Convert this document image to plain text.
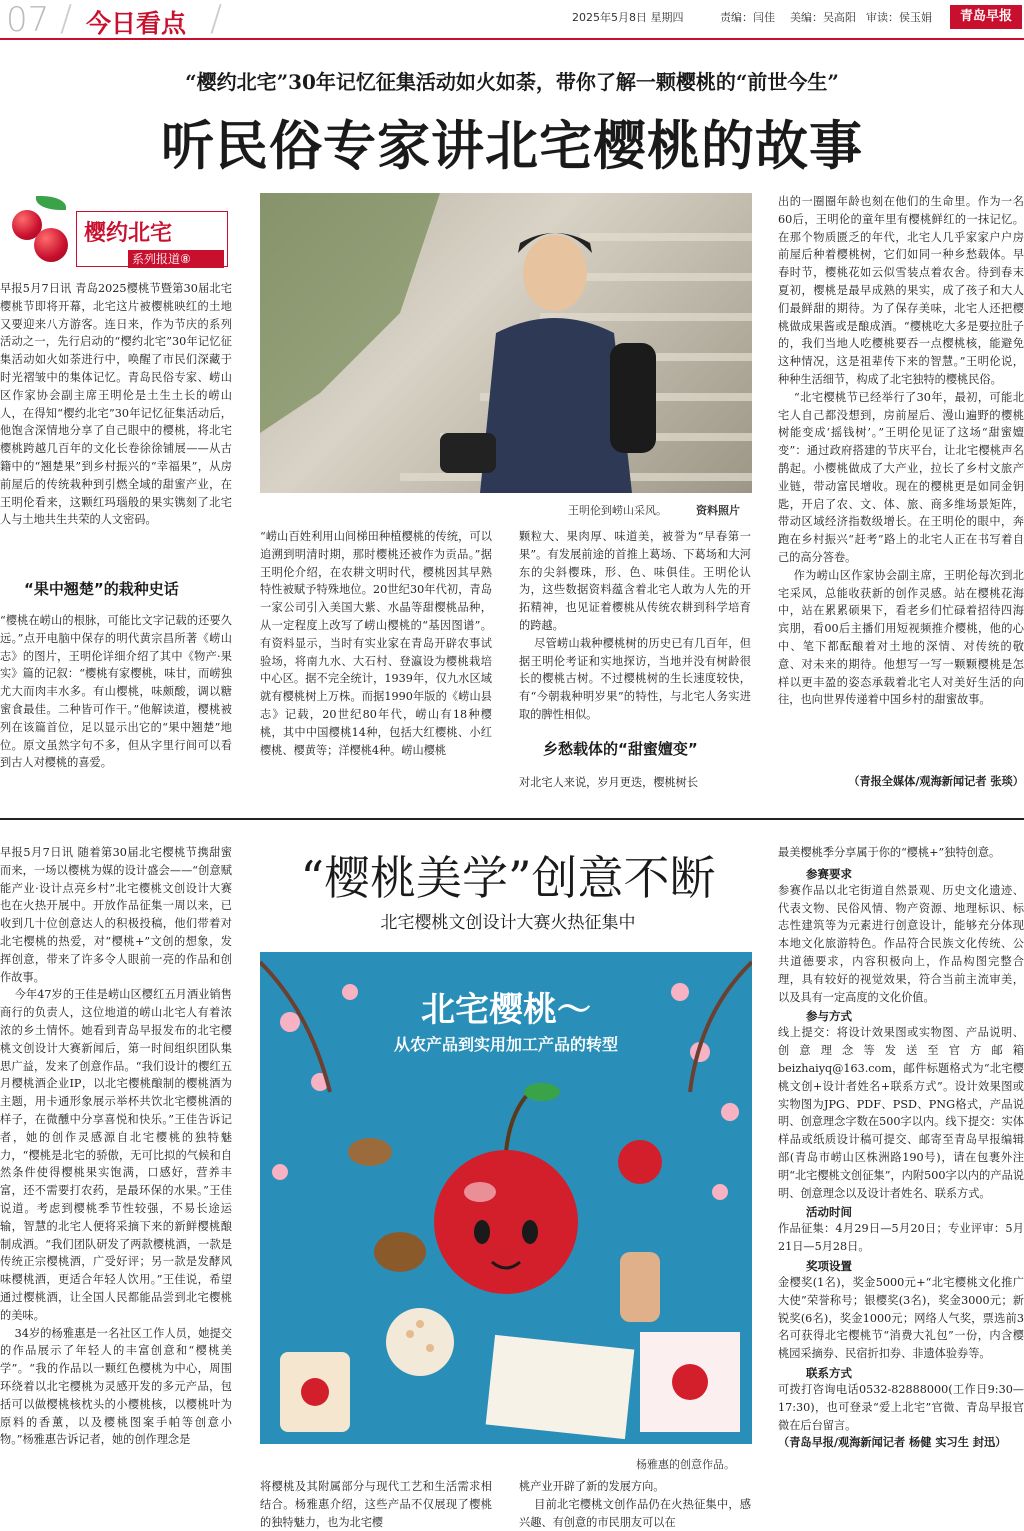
07 / 今日看点 /	2025年5月8日 星期四	责编：闫佳 美编：吴高阳 审读：侯玉娟	青岛早报
“樱约北宅”30年记忆征集活动如火如荼，带你了解一颗樱桃的“前世今生”
听民俗专家讲北宅樱桃的故事
樱约北宅
系列报道⑧
早报5月7日讯 青岛2025樱桃节暨第30届北宅樱桃节即将开幕，北宅这片被樱桃映红的土地又要迎来八方游客。连日来，作为节庆的系列活动之一，先行启动的“樱约北宅”30年记忆征集活动如火如荼进行中，唤醒了市民们深藏于时光褶皱中的集体记忆。青岛民俗专家、崂山区作家协会副主席王明伦是土生土长的崂山人，在得知“樱约北宅”30年记忆征集活动后，他饱含深情地分享了自己眼中的樱桃，将北宅樱桃跨越几百年的文化长卷徐徐铺展——从古籍中的“翘楚果”到乡村振兴的“幸福果”，从房前屋后的传统栽种到引燃全域的甜蜜产业，在王明伦看来，这颗红玛瑙般的果实镌刻了北宅人与土地共生共荣的人文密码。
“果中翘楚”的栽种史话
“樱桃在崂山的根脉，可能比文字记载的还要久远。”点开电脑中保存的明代黄宗昌所著《崂山志》的图片，王明伦详细介绍了其中《物产·果实》篇的记叙：“樱桃有家樱桃，味甘，而崂独尤大而肉丰水多。有山樱桃，味颇酸，调以糖蜜食最佳。二种皆可作干。”他解读道，樱桃被列在该篇首位，足以显示出它的“果中翘楚”地位。原文虽然字句不多，但从字里行间可以看到古人对樱桃的喜爱。
王明伦到崂山采风。	资料照片
“崂山百姓利用山间梯田种植樱桃的传统，可以追溯到明清时期，那时樱桃还被作为贡品。”据王明伦介绍，在农耕文明时代，樱桃因其早熟特性被赋予特殊地位。20世纪30年代初，青岛一家公司引入美国大紫、水晶等甜樱桃品种，从一定程度上改写了崂山樱桃的“基因图谱”。有资料显示，当时有实业家在青岛开辟农事试验场，将南九水、大石村、登瀛设为樱桃栽培中心区。据不完全统计，1939年，仅九水区域就有樱桃树上万株。而据1990年版的《崂山县志》记载，20世纪80年代，崂山有18种樱桃，其中中国樱桃14种，包括大红樱桃、小红樱桃、樱黄等；洋樱桃4种。崂山樱桃
颗粒大、果肉厚、味道美，被誉为“早春第一果”。有发展前途的首推上葛场、下葛场和大河东的尖斜樱珠，形、色、味俱佳。王明伦认为，这些数据资料蕴含着北宅人敢为人先的开拓精神，也见证着樱桃从传统农耕到科学培育的跨越。
尽管崂山栽种樱桃树的历史已有几百年，但据王明伦考证和实地探访，当地并没有树龄很长的樱桃古树。不过樱桃树的生长速度较快，有“今朝栽种明岁果”的特性，与北宅人务实进取的脾性相似。
乡愁载体的“甜蜜嬗变”
对北宅人来说，岁月更迭，樱桃树长
出的一圈圈年龄也刻在他们的生命里。作为一名60后，王明伦的童年里有樱桃鲜红的一抹记忆。在那个物质匮乏的年代，北宅人几乎家家户户房前屋后种着樱桃树，它们如同一种乡愁载体。早春时节，樱桃花如云似雪装点着农舍。待到春末夏初，樱桃是最早成熟的果实，成了孩子和大人们最鲜甜的期待。为了保存美味，北宅人还把樱桃做成果酱或是酿成酒。“樱桃吃大多是要拉肚子的，我们当地人吃樱桃要吞一点樱桃核，能避免这种情况，这是祖辈传下来的智慧。”王明伦说，种种生活细节，构成了北宅独特的樱桃民俗。
“北宅樱桃节已经举行了30年，最初，可能北宅人自己都没想到，房前屋后、漫山遍野的樱桃树能变成‘摇钱树’。”王明伦见证了这场“甜蜜嬗变”：通过政府搭建的节庆平台，让北宅樱桃声名鹊起。小樱桃做成了大产业，拉长了乡村文旅产业链，带动富民增收。现在的樱桃更是如同金钥匙，开启了农、文、体、旅、商多维场景矩阵，带动区域经济指数级增长。在王明伦的眼中，奔跑在乡村振兴“赶考”路上的北宅人正在书写着自己的高分答卷。
作为崂山区作家协会副主席，王明伦每次到北宅采风，总能收获新的创作灵感。站在樱桃花海中，站在累累硕果下，看老乡们忙碌着招待四海宾朋，看00后主播们用短视频推介樱桃，他的心中、笔下都酝酿着对土地的深情、对传统的敬意、对未来的期待。他想写一写一颗颗樱桃是怎样以更丰盈的姿态承载着北宅人对美好生活的向往，也向世界传递着中国乡村的甜蜜故事。
（青报全媒体/观海新闻记者 张琰）
“樱桃美学”创意不断
北宅樱桃文创设计大赛火热征集中
早报5月7日讯 随着第30届北宅樱桃节携甜蜜而来，一场以樱桃为媒的设计盛会——“创意赋能产业·设计点亮乡村”北宅樱桃文创设计大赛也在火热开展中。开放作品征集一周以来，已收到几十位创意达人的积极投稿，他们带着对北宅樱桃的热爱，对“樱桃+”文创的想象，发挥创意，带来了许多令人眼前一亮的作品和创作故事。
今年47岁的王佳是崂山区樱红五月酒业销售商行的负责人，这位地道的崂山北宅人有着浓浓的乡土情怀。她看到青岛早报发布的北宅樱桃文创设计大赛新闻后，第一时间组织团队集思广益，发来了创意作品。“我们设计的樱红五月樱桃酒企业IP，以北宅樱桃酿制的樱桃酒为主题，用卡通形象展示举杯共饮北宅樱桃酒的样子，在微醺中分享喜悦和快乐。”王佳告诉记者，她的创作灵感源自北宅樱桃的独特魅力，“樱桃是北宅的骄傲，无可比拟的气候和自然条件使得樱桃果实饱满，口感好，营养丰富，还不需要打农药，是最环保的水果。”王佳说道。考虑到樱桃季节性较强，不易长途运输，智慧的北宅人便将采摘下来的新鲜樱桃酿制成酒。“我们团队研发了两款樱桃酒，一款是传统正宗樱桃酒，广受好评；另一款是发酵风味樱桃酒，更适合年轻人饮用。”王佳说，希望通过樱桃酒，让全国人民都能品尝到北宅樱桃的美味。
34岁的杨雅惠是一名社区工作人员，她提交的作品展示了年轻人的丰富创意和“樱桃美学”。“我的作品以一颗红色樱桃为中心，周围环绕着以北宅樱桃为灵感开发的多元产品，包括可以做樱桃核枕头的小樱桃核，以樱桃叶为原料的香薰，以及樱桃图案手帕等创意小物。”杨雅惠告诉记者，她的创作理念是
北宅樱桃～
从农产品到实用加工产品的转型
杨雅惠的创意作品。
将樱桃及其附属部分与现代工艺和生活需求相结合。杨雅惠介绍，这些产品不仅展现了樱桃的独特魅力，也为北宅樱
桃产业开辟了新的发展方向。
目前北宅樱桃文创作品仍在火热征集中，感兴趣、有创意的市民朋友可以在
最美樱桃季分享属于你的“樱桃+”独特创意。
参赛要求
参赛作品以北宅街道自然景观、历史文化遗迹、代表文物、民俗风情、物产资源、地理标识、标志性建筑等为元素进行创意设计，能够充分体现本地文化旅游特色。作品符合民族文化传统、公共道德要求，内容积极向上，作品构图完整合理，具有较好的视觉效果，符合当前主流审美，以及具有一定高度的文化价值。
参与方式
线上提交：将设计效果图或实物图、产品说明、创意理念等发送至官方邮箱beizhaiyq@163.com，邮件标题格式为“北宅樱桃文创+设计者姓名+联系方式”。设计效果图或实物图为JPG、PDF、PSD、PNG格式，产品说明、创意理念字数在500字以内。线下提交：实体样品或纸质设计稿可提交、邮寄至青岛早报编辑部(青岛市崂山区株洲路190号)，请在包裹外注明“北宅樱桃文创征集”，内附500字以内的产品说明、创意理念以及设计者姓名、联系方式。
活动时间
作品征集：4月29日—5月20日；专业评审：5月21日—5月28日。
奖项设置
金樱奖(1名)，奖金5000元+“北宅樱桃文化推广大使”荣誉称号；银樱奖(3名)，奖金3000元；新锐奖(6名)，奖金1000元；网络人气奖，票选前3名可获得北宅樱桃节“消费大礼包”一份，内含樱桃园采摘券、民宿折扣券、非遗体验券等。
联系方式
可拨打咨询电话0532-82888000(工作日9:30—17:30)，也可登录“爱上北宅”官微、青岛早报官微在后台留言。
（青岛早报/观海新闻记者 杨健 实习生 封迅）
